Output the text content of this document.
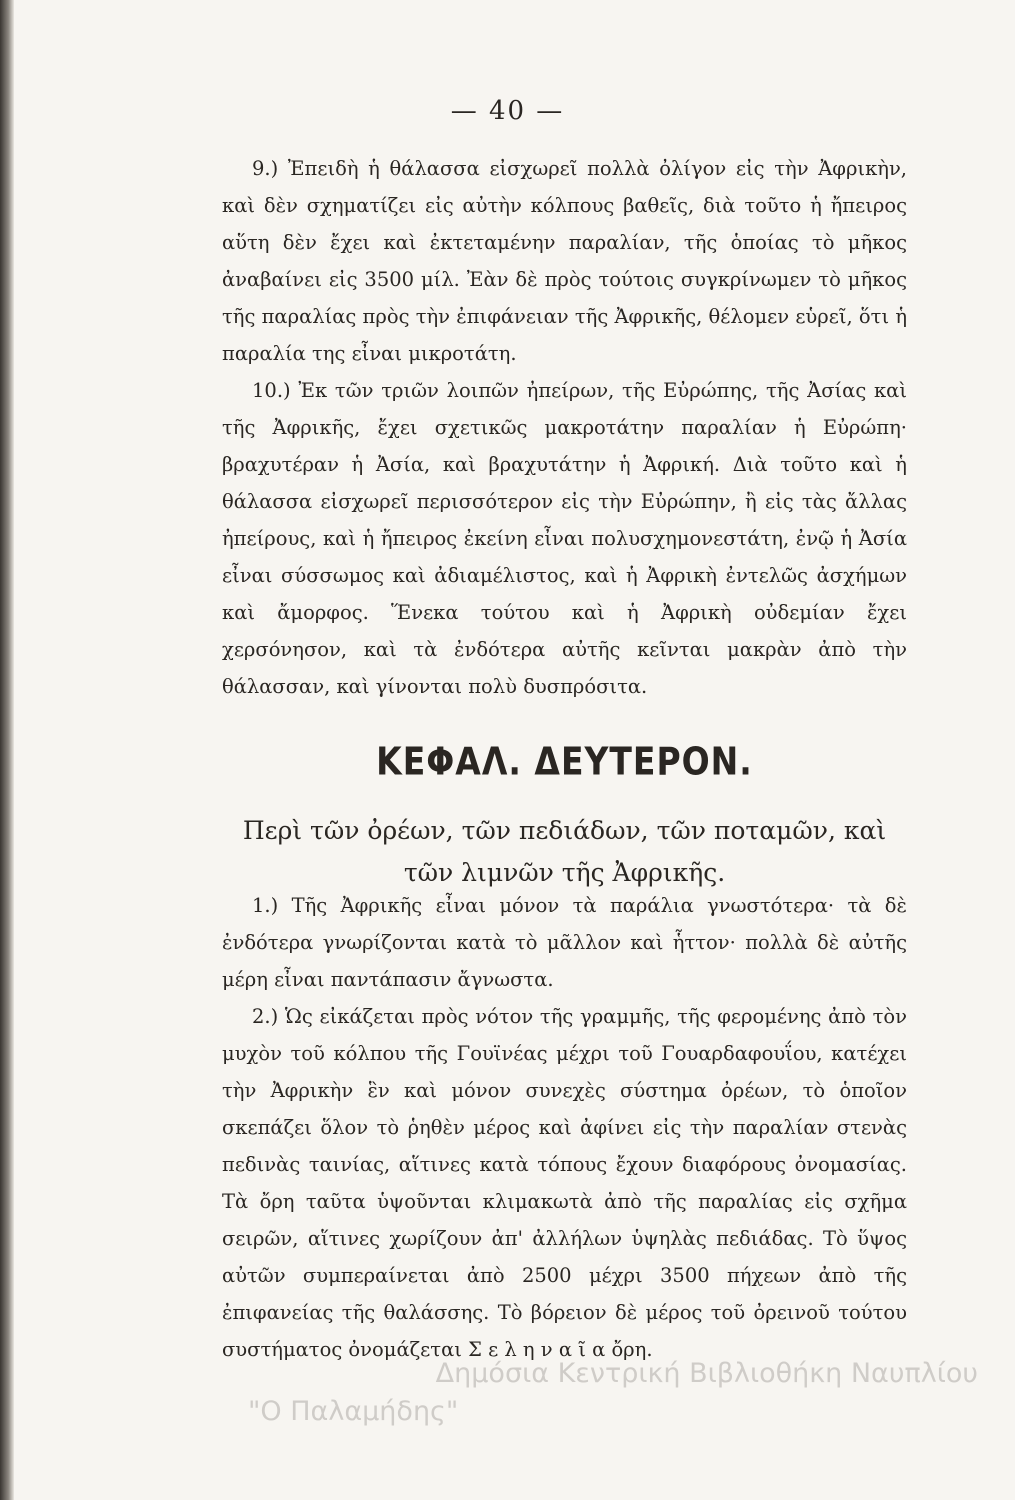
— 40 —

9.) Ἐπειδὴ ἡ θάλασσα εἰσχωρεῖ πολλὰ ὀλίγον εἰς τὴν Ἀφρικὴν, καὶ δὲν σχηματίζει εἰς αὐτὴν κόλπους βαθεῖς, διὰ τοῦτο ἡ ἤπειρος αὕτη δὲν ἔχει καὶ ἐκτεταμένην παραλίαν, τῆς ὁποίας τὸ μῆκος ἀναβαίνει εἰς 3500 μίλ. Ἐὰν δὲ πρὸς τούτοις συγκρίνωμεν τὸ μῆκος τῆς παραλίας πρὸς τὴν ἐπιφάνειαν τῆς Ἀφρικῆς, θέλομεν εὑρεῖ, ὅτι ἡ παραλία της εἶναι μικροτάτη.

10.) Ἐκ τῶν τριῶν λοιπῶν ἠπείρων, τῆς Εὐρώπης, τῆς Ἀσίας καὶ τῆς Ἀφρικῆς, ἔχει σχετικῶς μακροτάτην παραλίαν ἡ Εὐρώπη· βραχυτέραν ἡ Ἀσία, καὶ βραχυτάτην ἡ Ἀφρική. Διὰ τοῦτο καὶ ἡ θάλασσα εἰσχωρεῖ περισσότερον εἰς τὴν Εὐρώπην, ἢ εἰς τὰς ἄλλας ἠπείρους, καὶ ἡ ἤπειρος ἐκείνη εἶναι πολυσχημονεστάτη, ἐνῷ ἡ Ἀσία εἶναι σύσσωμος καὶ ἀδιαμέλιστος, καὶ ἡ Ἀφρικὴ ἐντελῶς ἀσχήμων καὶ ἄμορφος. Ἕνεκα τούτου καὶ ἡ Ἀφρικὴ οὐδεμίαν ἔχει χερσόνησον, καὶ τὰ ἐνδότερα αὐτῆς κεῖνται μακρὰν ἀπὸ τὴν θάλασσαν, καὶ γίνονται πολὺ δυσπρόσιτα.

ΚΕΦΑΛ. ΔΕΥΤΕΡΟΝ.
Περὶ τῶν ὀρέων, τῶν πεδιάδων, τῶν ποταμῶν, καὶ τῶν λιμνῶν τῆς Ἀφρικῆς.

1.) Τῆς Ἀφρικῆς εἶναι μόνον τὰ παράλια γνωστότερα· τὰ δὲ ἐνδότερα γνωρίζονται κατὰ τὸ μᾶλλον καὶ ἧττον· πολλὰ δὲ αὐτῆς μέρη εἶναι παντάπασιν ἄγνωστα.

2.) Ὡς εἰκάζεται πρὸς νότον τῆς γραμμῆς, τῆς φερομένης ἀπὸ τὸν μυχὸν τοῦ κόλπου τῆς Γουϊνέας μέχρι τοῦ Γουαρδαφουΐου, κατέχει τὴν Ἀφρικὴν ἓν καὶ μόνον συνεχὲς σύστημα ὀρέων, τὸ ὁποῖον σκεπάζει ὅλον τὸ ῥηθὲν μέρος καὶ ἀφίνει εἰς τὴν παραλίαν στενὰς πεδινὰς ταινίας, αἵτινες κατὰ τόπους ἔχουν διαφόρους ὀνομασίας. Τὰ ὄρη ταῦτα ὑψοῦνται κλιμακωτὰ ἀπὸ τῆς παραλίας εἰς σχῆμα σειρῶν, αἵτινες χωρίζουν ἀπ' ἀλλήλων ὑψηλὰς πεδιάδας. Τὸ ὕψος αὐτῶν συμπεραίνεται ἀπὸ 2500 μέχρι 3500 πήχεων ἀπὸ τῆς ἐπιφανείας τῆς θαλάσσης. Τὸ βόρειον δὲ μέρος τοῦ ὀρεινοῦ τούτου συστήματος ὀνομάζεται Σ ε λ η ν α ῖ α ὄρη.

Δημόσια Κεντρική Βιβλιοθήκη Ναυπλίου
"Ο Παλαμήδης"
